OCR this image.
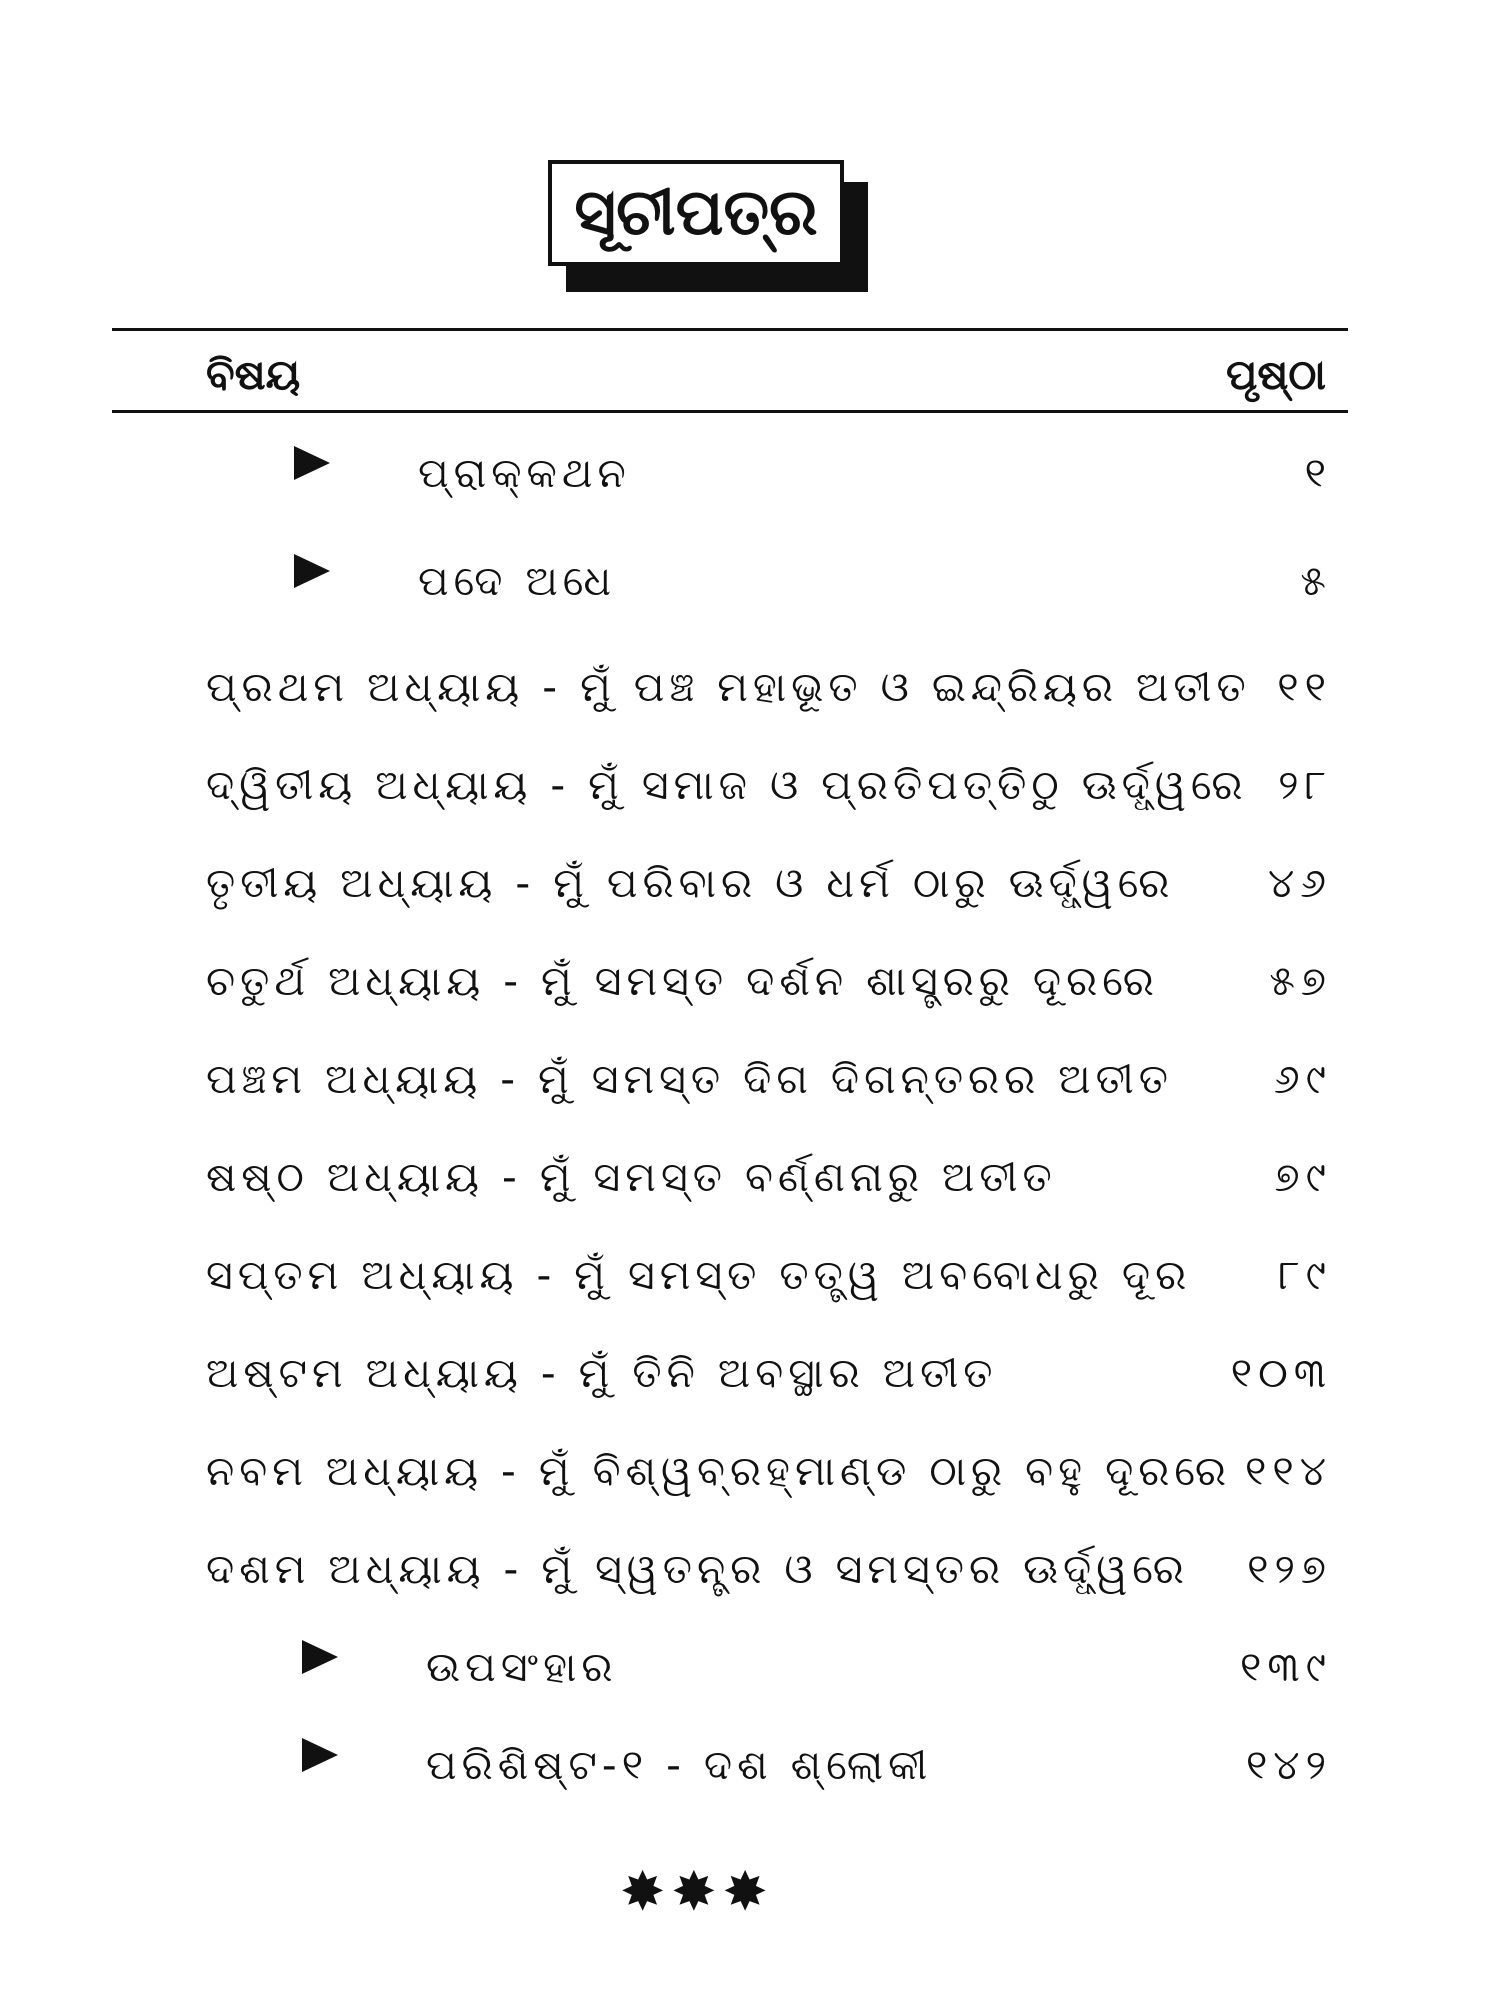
ସୂଚୀପତ୍ର
ବିଷୟ	ପୃଷ୍ଠା
ପ୍ରାକ୍‌କଥନ	୧
ପଦେ ଅଧେ	୫
ପ୍ରଥମ ଅଧ୍ୟାୟ - ମୁଁ ପଞ୍ଚ ମହାଭୂତ ଓ ଇନ୍ଦ୍ରିୟର ଅତୀତ ୧୧
ଦ୍ୱିତୀୟ ଅଧ୍ୟାୟ - ମୁଁ ସମାଜ ଓ ପ୍ରତିପତ୍ତିଠୁ ଊର୍ଦ୍ଧ୍ୱରେ ୨୮
ତୃତୀୟ ଅଧ୍ୟାୟ - ମୁଁ ପରିବାର ଓ ଧର୍ମ ଠାରୁ ଊର୍ଦ୍ଧ୍ୱରେ ୪୬
ଚତୁର୍ଥ ଅଧ୍ୟାୟ - ମୁଁ ସମସ୍ତ ଦର୍ଶନ ଶାସ୍ତ୍ରରୁ ଦୂରରେ	୫୭
ପଞ୍ଚମ ଅଧ୍ୟାୟ - ମୁଁ ସମସ୍ତ ଦିଗ ଦିଗନ୍ତରର ଅତୀତ ୬୯
ଷଷ୍ଠ ଅଧ୍ୟାୟ - ମୁଁ ସମସ୍ତ ବର୍ଣ୍ଣନାରୁ ଅତୀତ	୭୯
ସପ୍ତମ ଅଧ୍ୟାୟ - ମୁଁ ସମସ୍ତ ତତ୍ତ୍ୱ ଅବବୋଧରୁ ଦୂର ୮୯
ଅଷ୍ଟମ ଅଧ୍ୟାୟ - ମୁଁ ତିନି ଅବସ୍ଥାର ଅତୀତ	୧୦୩
ନବମ ଅଧ୍ୟାୟ - ମୁଁ ବିଶ୍ୱବ୍ରହ୍ମାଣ୍ଡ ଠାରୁ ବହୁ ଦୂରରେ ୧୧୪
ଦଶମ ଅଧ୍ୟାୟ - ମୁଁ ସ୍ୱତନ୍ତ୍ର ଓ ସମସ୍ତର ଊର୍ଦ୍ଧ୍ୱରେ ୧୨୭
ଉପସଂହାର	୧୩୯
ପରିଶିଷ୍ଟ-୧ - ଦଶ ଶ୍ଲୋକୀ	୧୪୨
✸✸✸
